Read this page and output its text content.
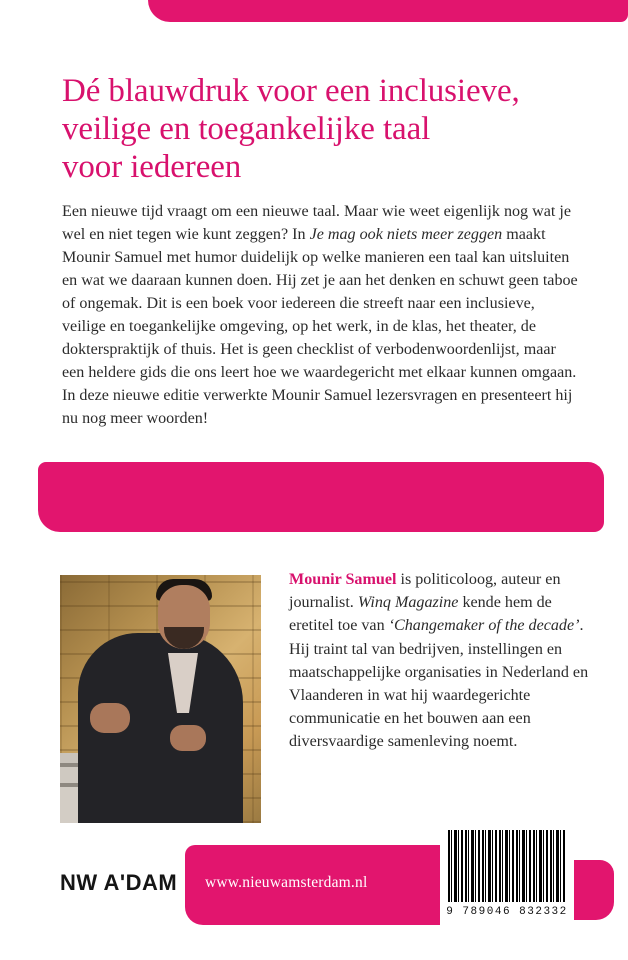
Dé blauwdruk voor een inclusieve,
veilige en toegankelijke taal
voor iedereen

Een nieuwe tijd vraagt om een nieuwe taal. Maar wie weet eigenlijk nog wat je wel en niet tegen wie kunt zeggen? In Je mag ook niets meer zeggen maakt Mounir Samuel met humor duidelijk op welke manieren een taal kan uitsluiten en wat we daaraan kunnen doen. Hij zet je aan het denken en schuwt geen taboe of ongemak. Dit is een boek voor iedereen die streeft naar een inclusieve, veilige en toegankelijke omgeving, op het werk, in de klas, het theater, de dokterspraktijk of thuis. Het is geen checklist of verbodenwoordenlijst, maar een heldere gids die ons leert hoe we waardegericht met elkaar kunnen omgaan. In deze nieuwe editie verwerkte Mounir Samuel lezersvragen en presenteert hij nu nog meer woorden!

Mounir Samuel is politicoloog, auteur en journalist. Winq Magazine kende hem de eretitel toe van ‘Changemaker of the decade’. Hij traint tal van bedrijven, instellingen en maatschappelijke organisaties in Nederland en Vlaanderen in wat hij waardegerichte communicatie en het bouwen aan een diversvaardige samenleving noemt.

9 789046 832332
NW A'DAM www.nieuwamsterdam.nl
